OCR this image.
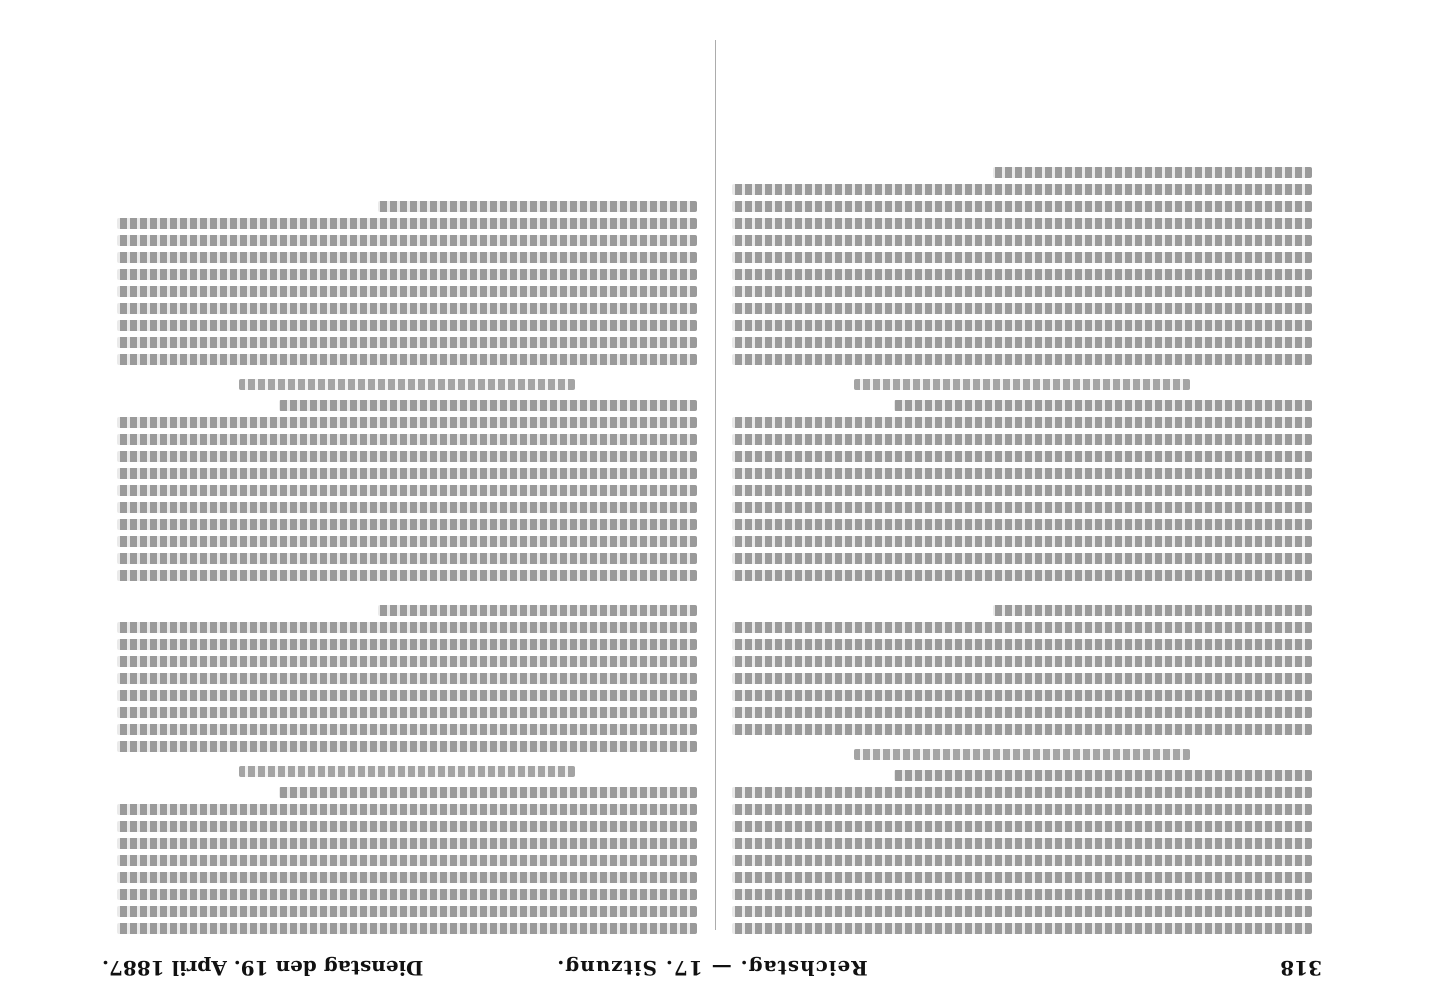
318
Reichstag. — 17. Sitzung.
Dienstag den 19. April 1887.
